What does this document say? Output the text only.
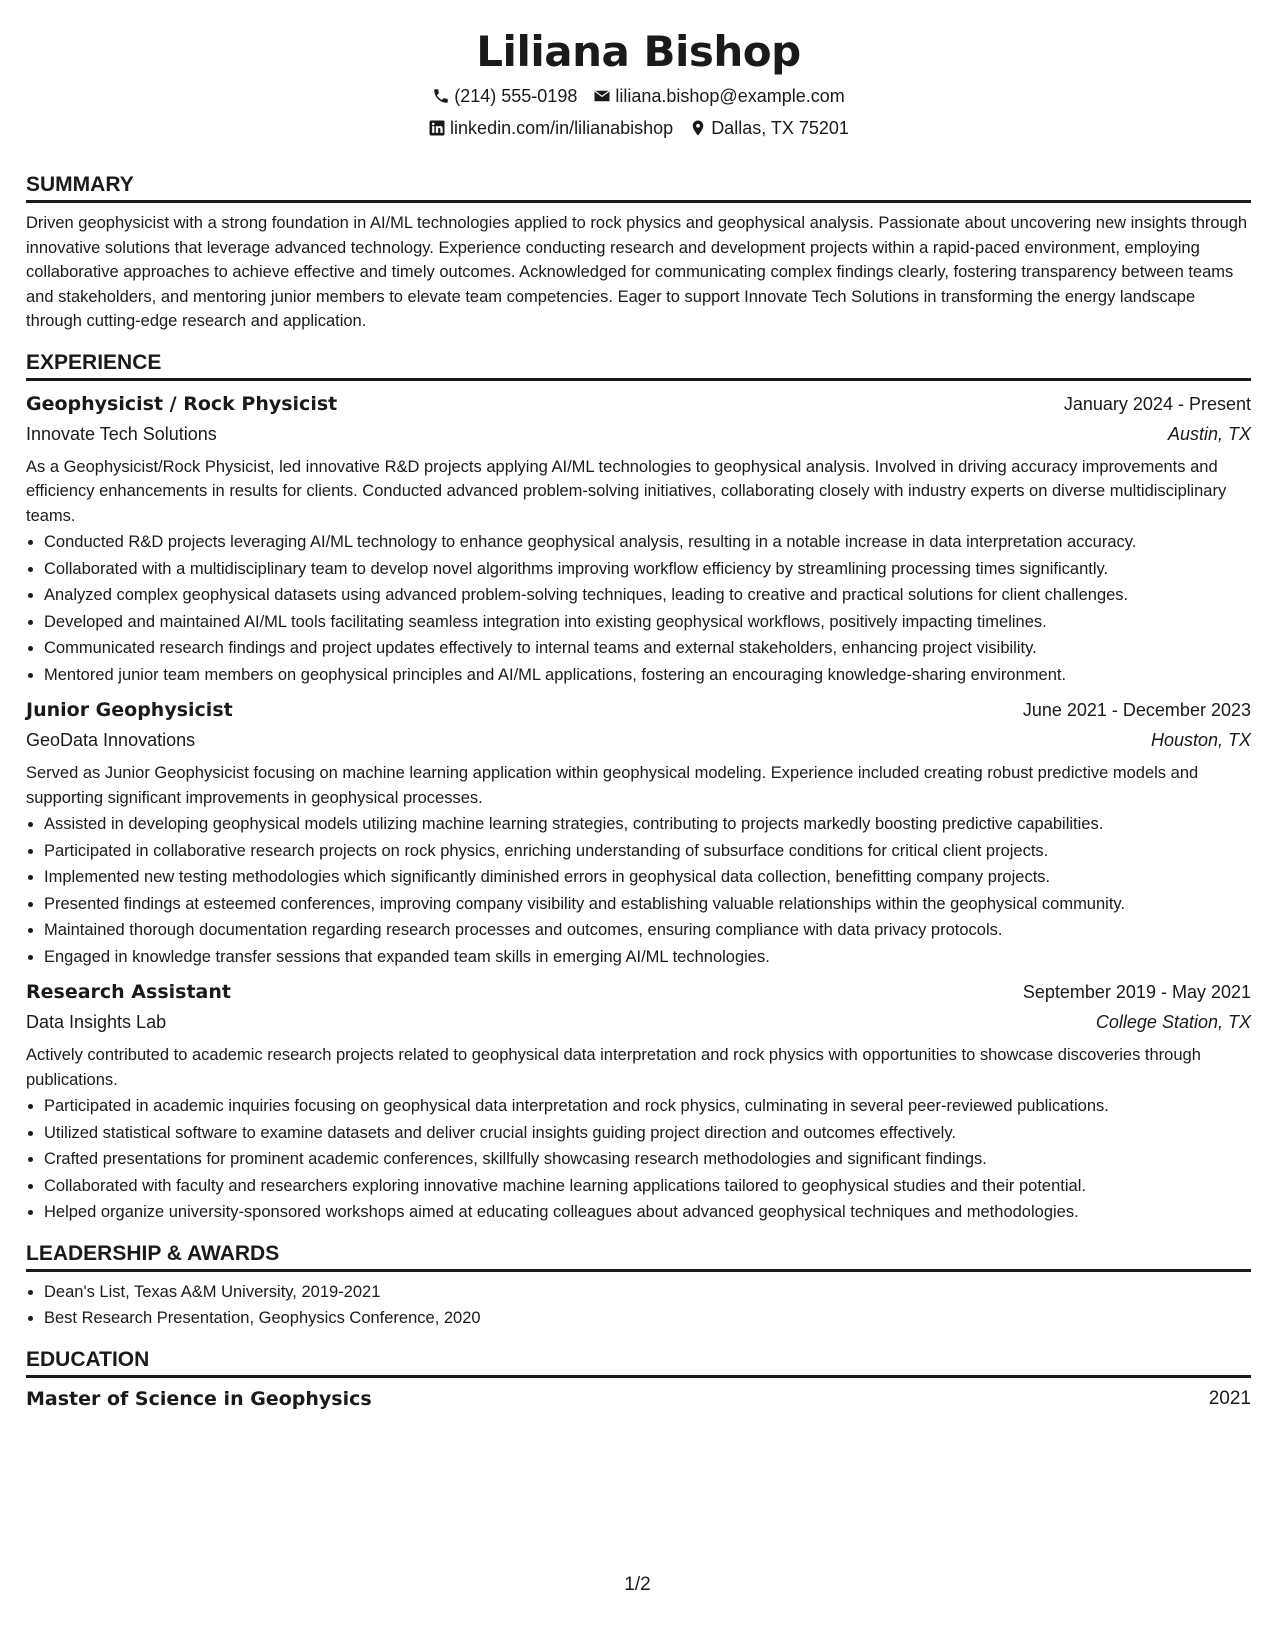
Liliana Bishop
(214) 555-0198 liliana.bishop@example.com
linkedin.com/in/lilianabishop Dallas, TX 75201
SUMMARY

Driven geophysicist with a strong foundation in AI/ML technologies applied to rock physics and geophysical analysis. Passionate about uncovering new insights through innovative solutions that leverage advanced technology. Experience conducting research and development projects within a rapid-paced environment, employing collaborative approaches to achieve effective and timely outcomes. Acknowledged for communicating complex findings clearly, fostering transparency between teams and stakeholders, and mentoring junior members to elevate team competencies. Eager to support Innovate Tech Solutions in transforming the energy landscape through cutting-edge research and application.

EXPERIENCE
Geophysicist / Rock Physicist	January 2024 - Present
Innovate Tech Solutions	Austin, TX

As a Geophysicist/Rock Physicist, led innovative R&D projects applying AI/ML technologies to geophysical analysis. Involved in driving accuracy improvements and efficiency enhancements in results for clients. Conducted advanced problem-solving initiatives, collaborating closely with industry experts on diverse multidisciplinary teams.

• Conducted R&D projects leveraging AI/ML technology to enhance geophysical analysis, resulting in a notable increase in data interpretation accuracy.
• Collaborated with a multidisciplinary team to develop novel algorithms improving workflow efficiency by streamlining processing times significantly.
• Analyzed complex geophysical datasets using advanced problem-solving techniques, leading to creative and practical solutions for client challenges.
• Developed and maintained AI/ML tools facilitating seamless integration into existing geophysical workflows, positively impacting timelines.
• Communicated research findings and project updates effectively to internal teams and external stakeholders, enhancing project visibility.
• Mentored junior team members on geophysical principles and AI/ML applications, fostering an encouraging knowledge-sharing environment.
Junior Geophysicist	June 2021 - December 2023
GeoData Innovations	Houston, TX

Served as Junior Geophysicist focusing on machine learning application within geophysical modeling. Experience included creating robust predictive models and supporting significant improvements in geophysical processes.

• Assisted in developing geophysical models utilizing machine learning strategies, contributing to projects markedly boosting predictive capabilities.
• Participated in collaborative research projects on rock physics, enriching understanding of subsurface conditions for critical client projects.
• Implemented new testing methodologies which significantly diminished errors in geophysical data collection, benefitting company projects.
• Presented findings at esteemed conferences, improving company visibility and establishing valuable relationships within the geophysical community.
• Maintained thorough documentation regarding research processes and outcomes, ensuring compliance with data privacy protocols.
• Engaged in knowledge transfer sessions that expanded team skills in emerging AI/ML technologies.
Research Assistant	September 2019 - May 2021
Data Insights Lab	College Station, TX

Actively contributed to academic research projects related to geophysical data interpretation and rock physics with opportunities to showcase discoveries through publications.

• Participated in academic inquiries focusing on geophysical data interpretation and rock physics, culminating in several peer-reviewed publications.
• Utilized statistical software to examine datasets and deliver crucial insights guiding project direction and outcomes effectively.
• Crafted presentations for prominent academic conferences, skillfully showcasing research methodologies and significant findings.
• Collaborated with faculty and researchers exploring innovative machine learning applications tailored to geophysical studies and their potential.
• Helped organize university-sponsored workshops aimed at educating colleagues about advanced geophysical techniques and methodologies.
LEADERSHIP & AWARDS
• Dean's List, Texas A&M University, 2019-2021
• Best Research Presentation, Geophysics Conference, 2020
EDUCATION
Master of Science in Geophysics	2021
1/2
